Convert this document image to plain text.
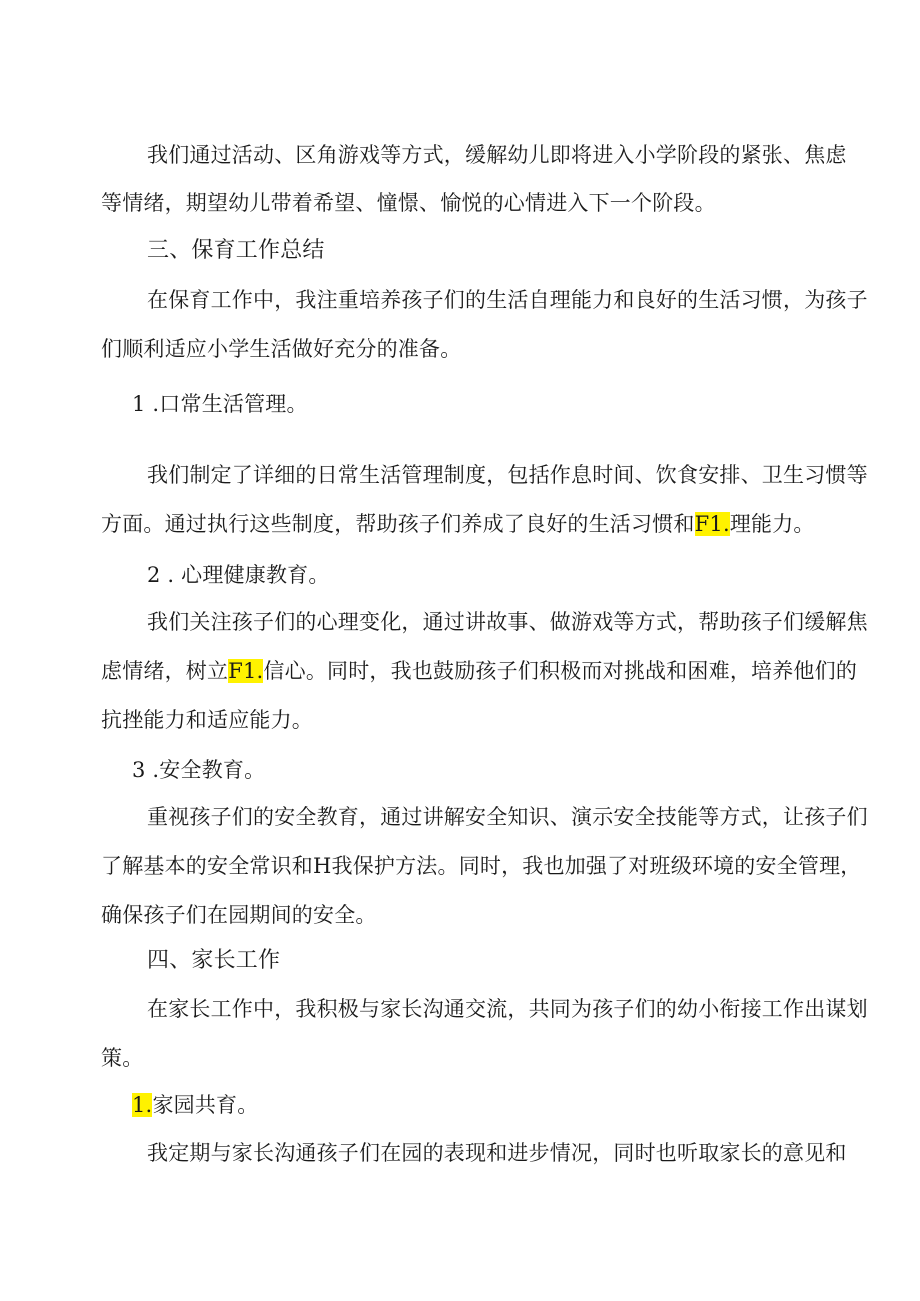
我们通过活动、区角游戏等方式，缓解幼儿即将进入小学阶段的紧张、焦虑
等情绪，期望幼儿带着希望、憧憬、愉悦的心情进入下一个阶段。
三、保育工作总结
在保育工作中，我注重培养孩子们的生活自理能力和良好的生活习惯，为孩子
们顺利适应小学生活做好充分的准备。
1 .口常生活管理。
我们制定了详细的日常生活管理制度，包括作息时间、饮食安排、卫生习惯等
方面。通过执行这些制度，帮助孩子们养成了良好的生活习惯和F1.理能力。
2 . 心理健康教育。
我们关注孩子们的心理变化，通过讲故事、做游戏等方式，帮助孩子们缓解焦
虑情绪，树立F1.信心。同时，我也鼓励孩子们积极而对挑战和困难，培养他们的
抗挫能力和适应能力。
3 .安全教育。
重视孩子们的安全教育，通过讲解安全知识、演示安全技能等方式，让孩子们
了解基本的安全常识和H我保护方法。同时，我也加强了对班级环境的安全管理，
确保孩子们在园期间的安全。
四、家长工作
在家长工作中，我积极与家长沟通交流，共同为孩子们的幼小衔接工作出谋划
策。
1.家园共育。
我定期与家长沟通孩子们在园的表现和进步情况，同时也听取家长的意见和
